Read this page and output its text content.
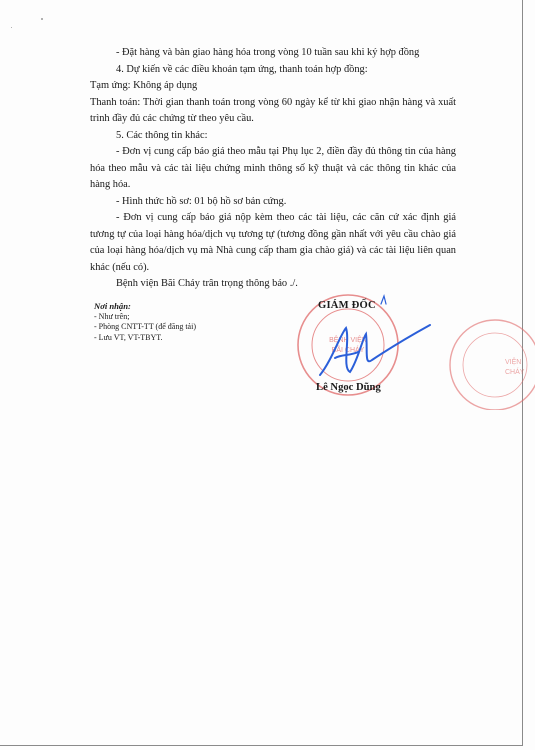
- Đặt hàng và bàn giao hàng hóa trong vòng 10 tuần sau khi ký hợp đồng

4. Dự kiến về các điều khoản tạm ứng, thanh toán hợp đồng:

Tạm ứng: Không áp dụng

Thanh toán: Thời gian thanh toán trong vòng 60 ngày kể từ khi giao nhận hàng và xuất trình đầy đủ các chứng từ theo yêu cầu.

5. Các thông tin khác:

- Đơn vị cung cấp báo giá theo mẫu tại Phụ lục 2, điền đầy đủ thông tin của hàng hóa theo mẫu và các tài liệu chứng minh thông số kỹ thuật và các thông tin khác của hàng hóa.

- Hình thức hồ sơ: 01 bộ hồ sơ bản cứng.

- Đơn vị cung cấp báo giá nộp kèm theo các tài liệu, các căn cứ xác định giá tương tự của loại hàng hóa/dịch vụ tương tự (tương đồng gần nhất với yêu cầu chào giá của loại hàng hóa/dịch vụ mà Nhà cung cấp tham gia chào giá) và các tài liệu liên quan khác (nếu có).

Bệnh viện Bãi Cháy trân trọng thông báo ./.

Nơi nhận:
- Như trên;
- Phòng CNTT-TT (để đăng tải)
- Lưu VT, VT-TBYT.	BỆNH VIỆN
BÃI CHÁY
VIỆN
CHÁY
GIÁM ĐỐC
Lê Ngọc Dũng
